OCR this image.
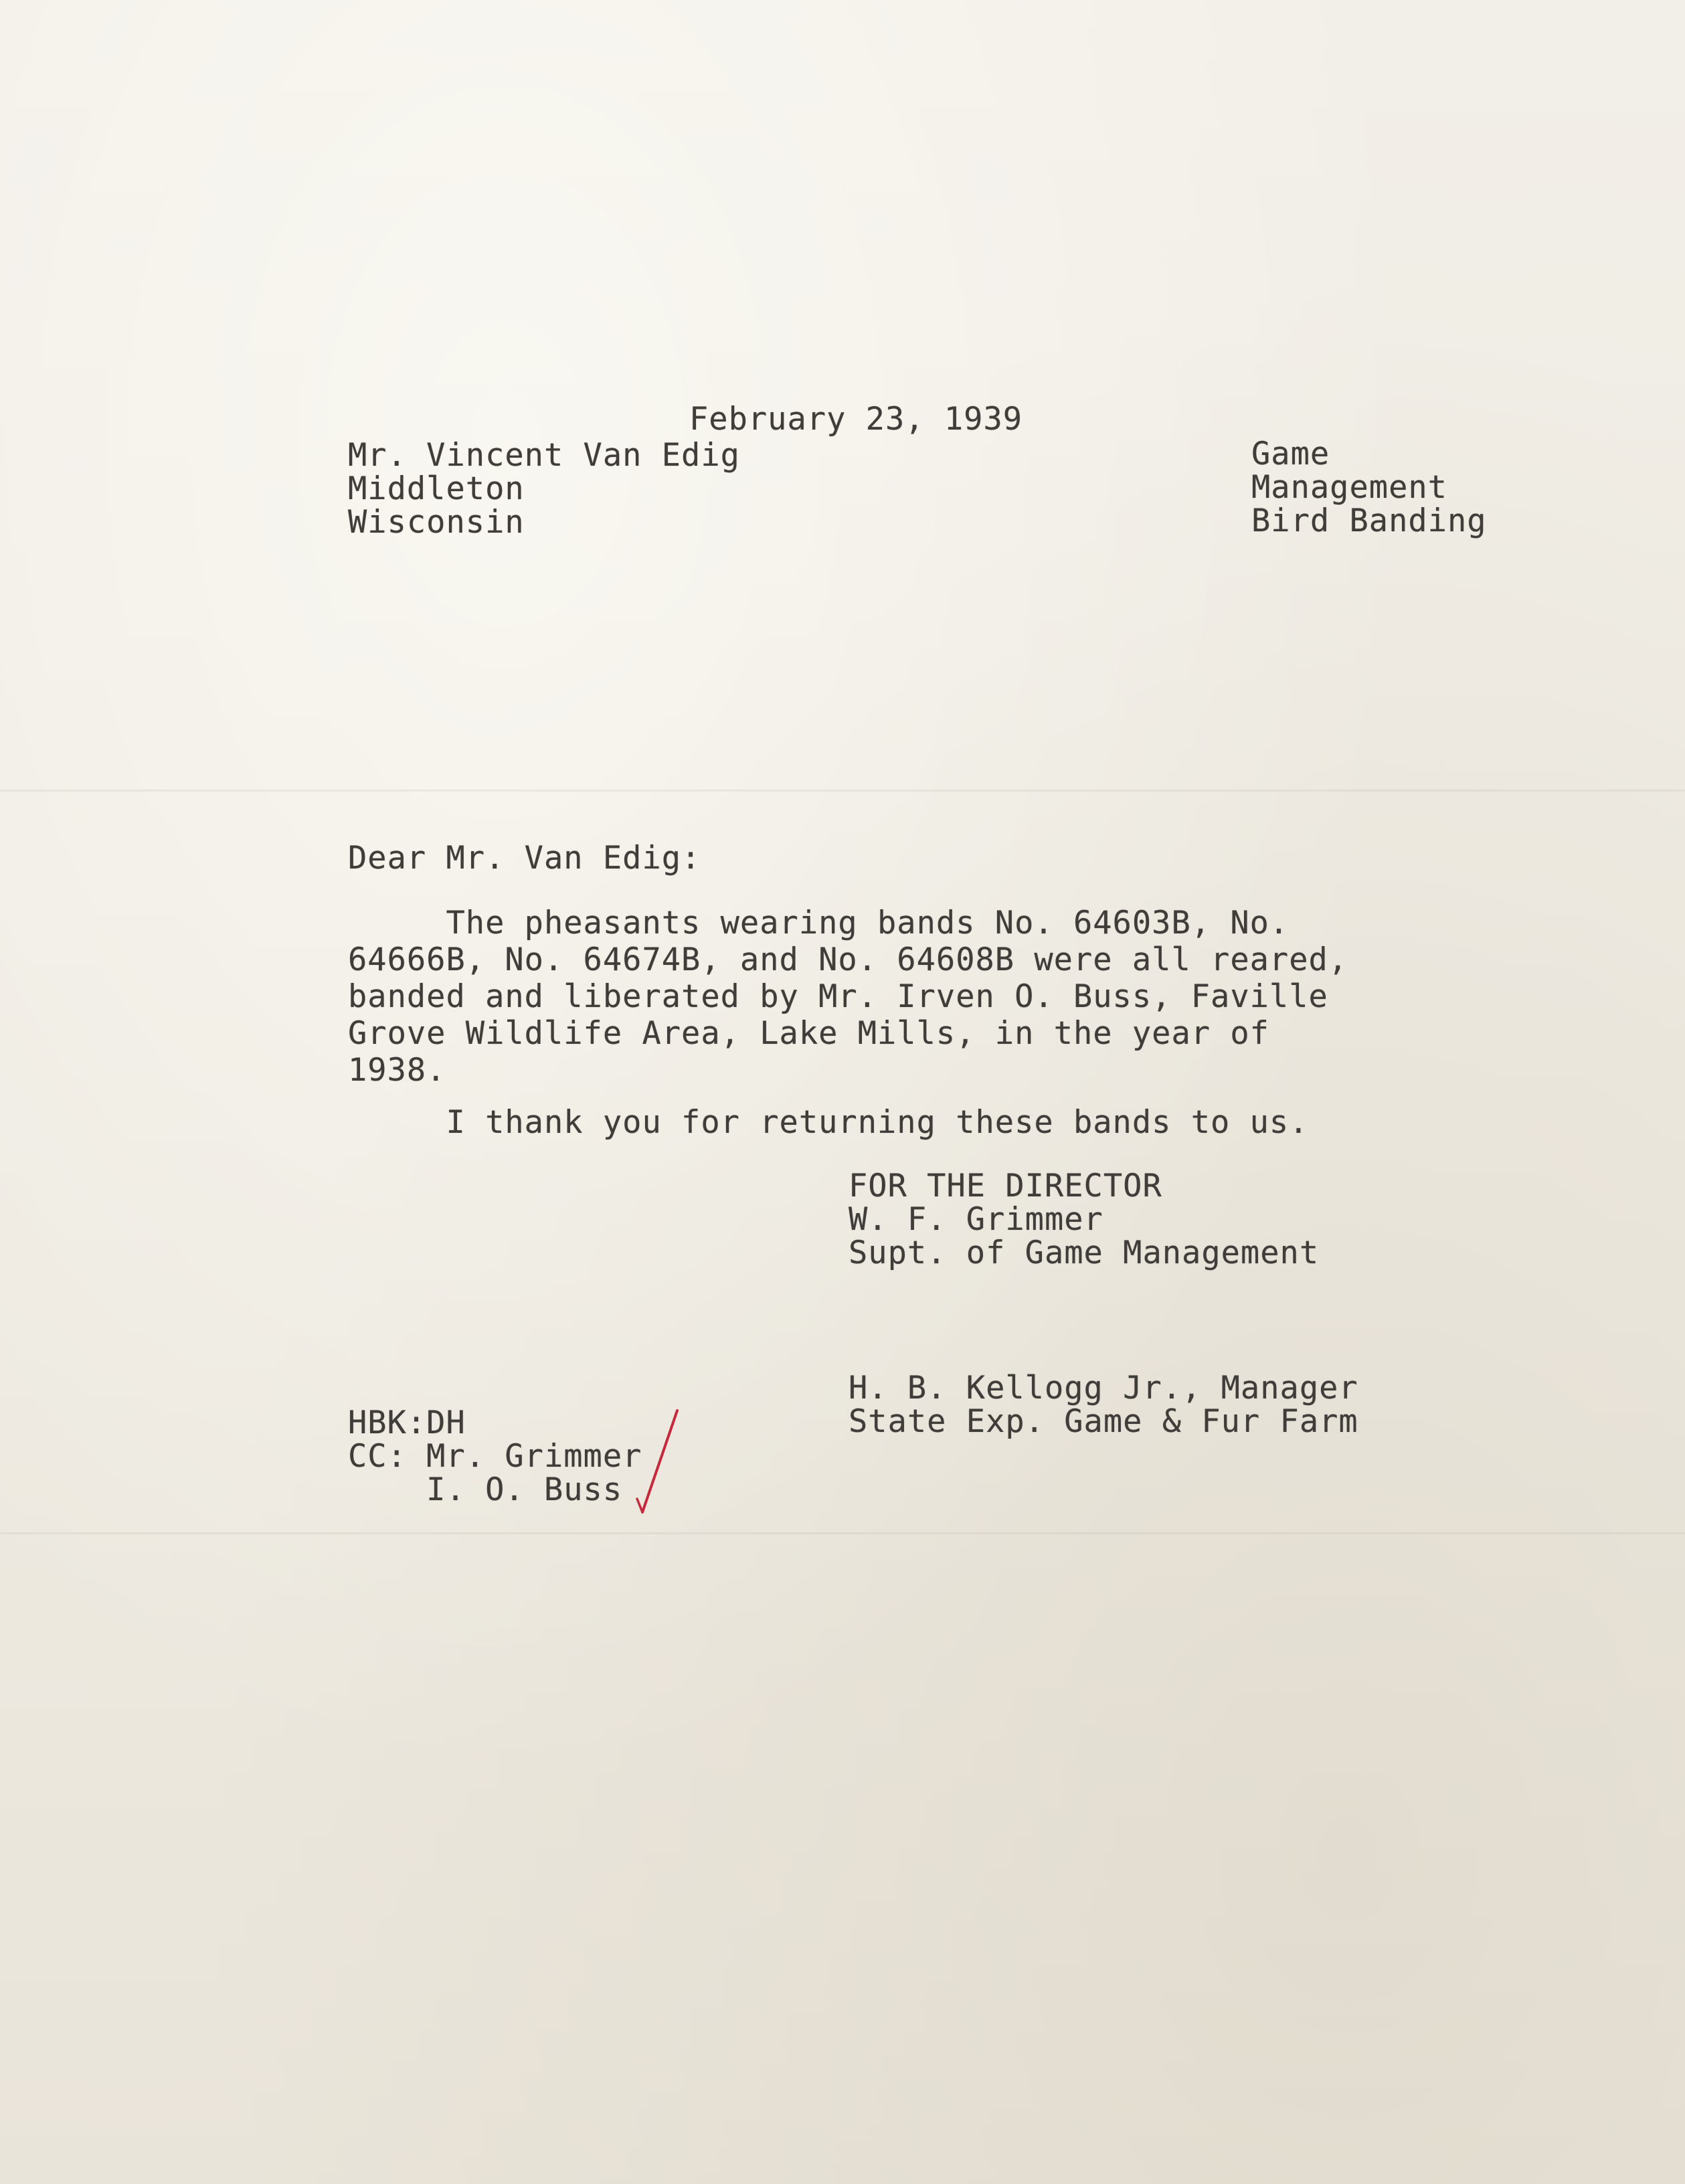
February 23, 1939
Mr. Vincent Van Edig
Middleton
Wisconsin
Game
Management
Bird Banding
Dear Mr. Van Edig:
The pheasants wearing bands No. 64603B, No.
64666B, No. 64674B, and No. 64608B were all reared,
banded and liberated by Mr. Irven O. Buss, Faville
Grove Wildlife Area, Lake Mills, in the year of
1938.
I thank you for returning these bands to us.
FOR THE DIRECTOR
W. F. Grimmer
Supt. of Game Management
H. B. Kellogg Jr., Manager
State Exp. Game & Fur Farm
HBK:DH
CC: Mr. Grimmer
I. O. Buss
